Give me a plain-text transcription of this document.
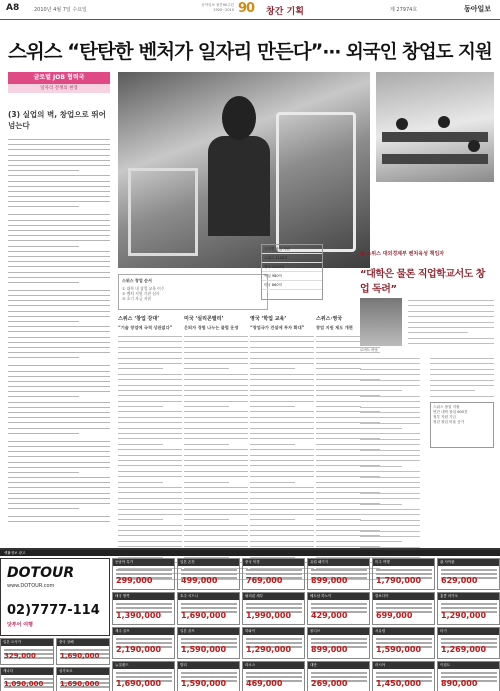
A8	2010년 4월 7일 수요일
동아일보 창간90주년 1920~2010 90 창간 기획	제 27974호	동아일보
스위스 “탄탄한 벤처가 일자리 만든다”··· 외국인 창업도 지원
글로벌 JOB 협력국
일자리 전쟁의 현장
(3) 실업의 벽, 창업으로 뛰어넘는다
스위스 창업 순서
① 대학 내 창업 교육 이수
② 벤처 지원 기관 심사
③ 초기 자금 지원
스위스 ‘창업 강대’
“기술 창업에 국적 상관없다”
미국 ‘실리콘밸리’
은퇴자 경험 나누는 클럽 운영
영국 ‘학업 교육’
“창업국가 건설에 투자 확대”
스위스·영국
창업 지원 제도 개편
국가별 창업 지원
스위스 1100억
영국 1020억
독일 980억
미국 860억
■ 스위스 대외경제부 벤처육성 책임자
“대학은 물론 직업학교서도 창업 독려”
로버트 바움
스위스 창업 지원
연간 대학 창업 600건
정부 지원 기금
청년 창업 비율 증가
생활정보 광고
DOTOUR
www.DOTOUR.com
02)7777-114
닷투어 여행
일본 오사카
329,000
중국 상해
1,690,000
캐나다
1,090,000
싱가포르
1,690,000
동남아 특가
299,000
일본 온천
499,000
중국 북경
769,000
유럽 패키지
899,000
미주 여행
1,790,000
괌 사이판
629,000
태국 방콕
1,390,000
호주 시드니
1,690,000
필리핀 세부
1,990,000
베트남 하노이
429,000
캄보디아
699,000
홍콩 마카오
1,290,000
제주 골프
2,190,000
일본 골프
1,590,000
하와이
1,290,000
몰디브
899,000
서유럽
1,590,000
터키
1,269,000
뉴질랜드
1,690,000
발리
1,590,000
라오스
469,000
대만
269,000
러시아
1,450,000
이집트
890,000
